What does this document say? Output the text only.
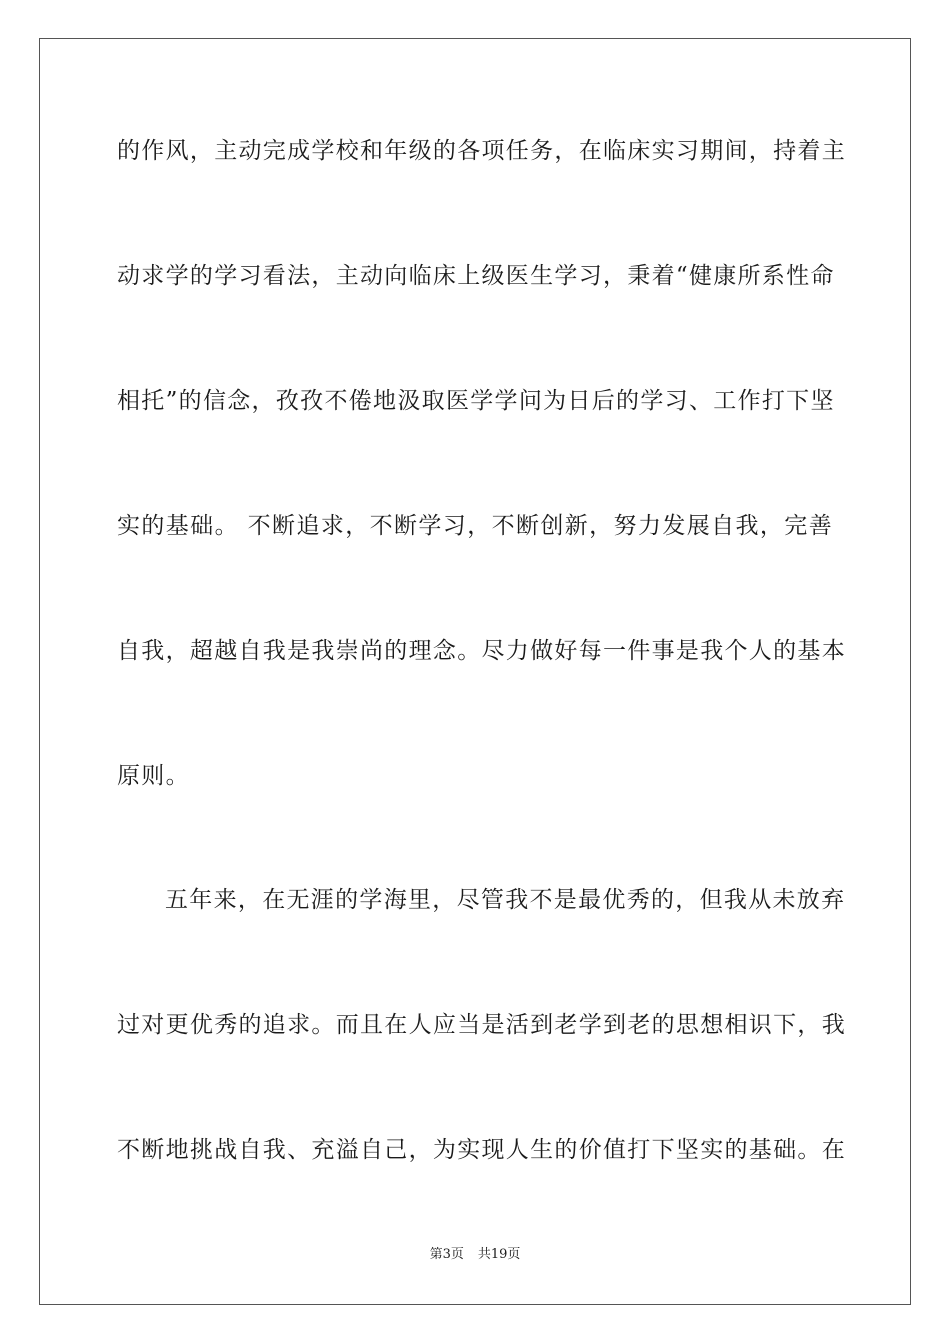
的作风，主动完成学校和年级的各项任务，在临床实习期间，持着主
动求学的学习看法，主动向临床上级医生学习，秉着“健康所系性命
相托”的信念，孜孜不倦地汲取医学学问为日后的学习、工作打下坚
实的基础。 不断追求，不断学习，不断创新，努力发展自我，完善
自我，超越自我是我崇尚的理念。尽力做好每一件事是我个人的基本
原则。
五年来，在无涯的学海里，尽管我不是最优秀的，但我从未放弃
过对更优秀的追求。而且在人应当是活到老学到老的思想相识下，我
不断地挑战自我、充溢自己，为实现人生的价值打下坚实的基础。在
第3页 共19页
